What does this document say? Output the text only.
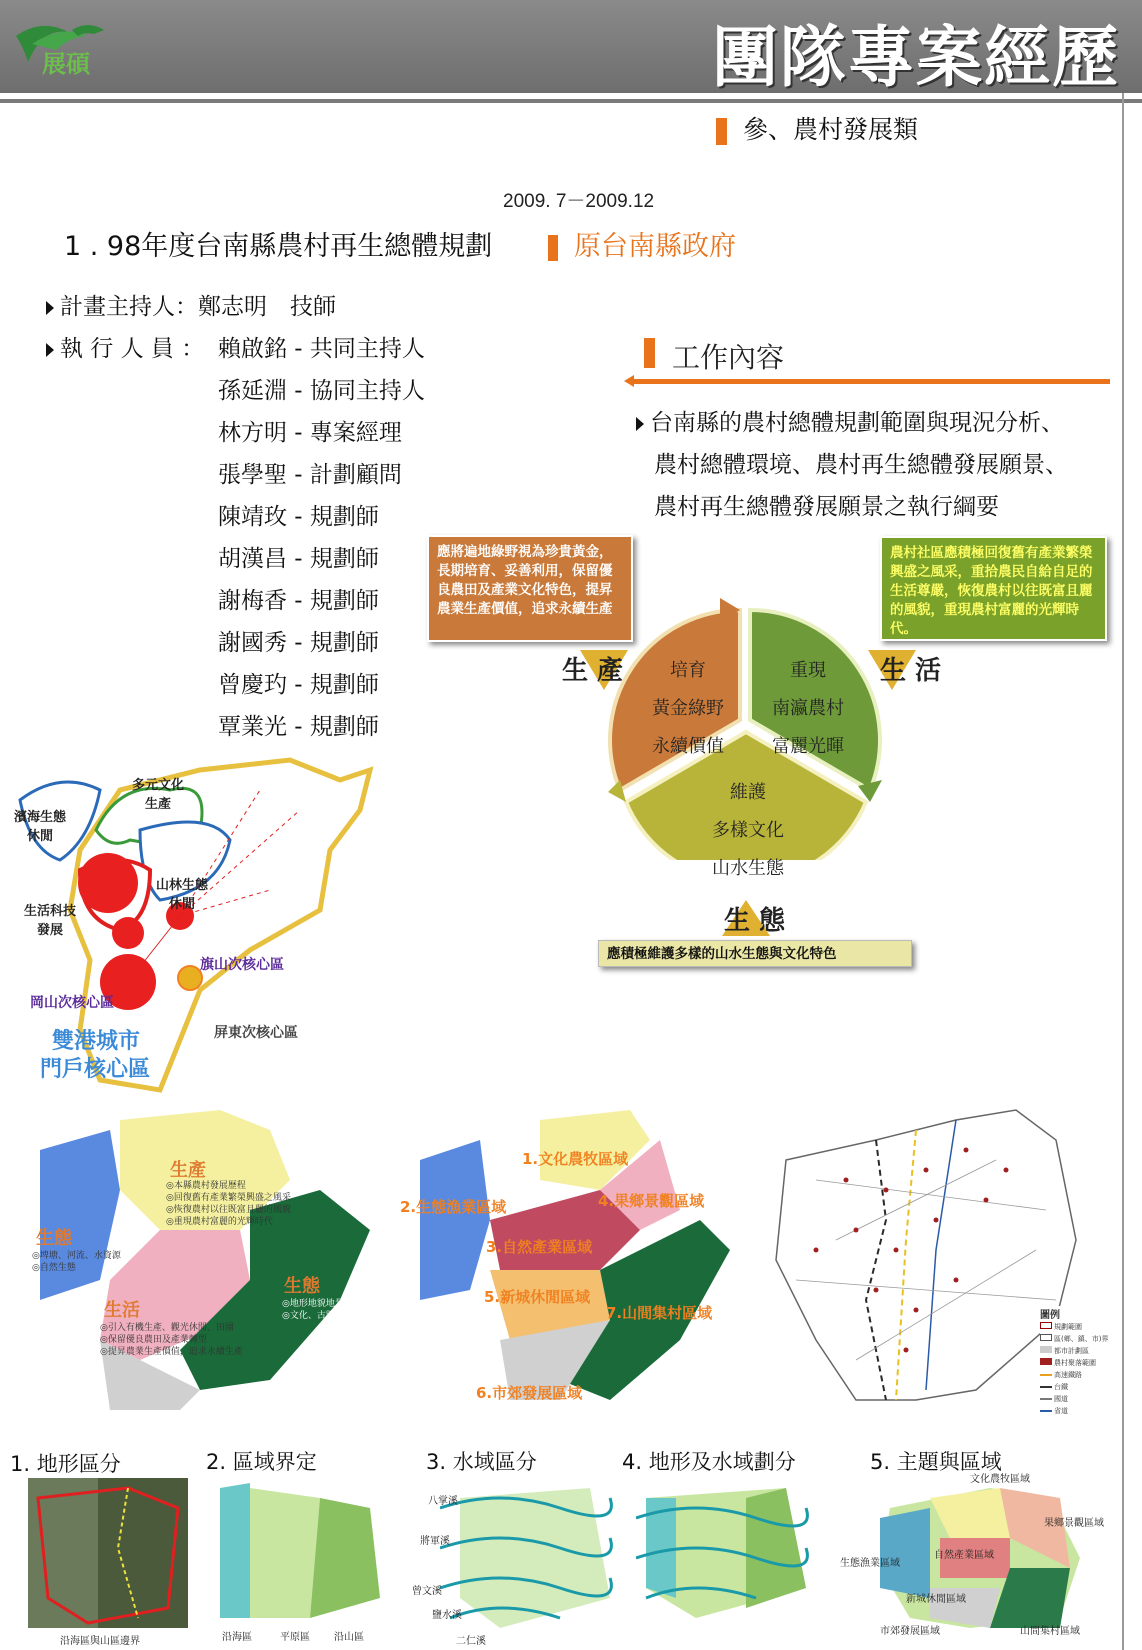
展碩	團隊專案經歷
參、農村發展類
2009. 7－2009.12
1 . 98年度台南縣農村再生總體規劃	原台南縣政府
計畫主持人：鄭志明　技師
執 行 人 員 ： 賴啟銘 - 共同主持人
孫延淵 - 協同主持人
林方明 - 專案經理
張學聖 - 計劃顧問
陳靖玫 - 規劃師
胡漢昌 - 規劃師
謝梅香 - 規劃師
謝國秀 - 規劃師
曾慶玓 - 規劃師
覃業光 - 規劃師
工作內容
台南縣的農村總體規劃範圍與現況分析、
農村總體環境、農村再生總體發展願景、
農村再生總體發展願景之執行綱要
應將遍地綠野視為珍貴黃金，長期培育、妥善利用，保留優良農田及產業文化特色，提昇農業生產價值，追求永續生產
農村社區應積極回復舊有產業繁榮興盛之風采，重拾農民自給自足的生活尊嚴，恢復農村以往既富且麗的風貌，重現農村富麗的光輝時代。
應積極維護多樣的山水生態與文化特色
生 產	生 活
生 態
培育
黃金綠野
永續價值
重現
南瀛農村
富麗光暉
維護
多樣文化
山水生態
多元文化生產
濱海生態休閒
山林生態休閒
生活科技發展
旗山次核心區
岡山次核心區
屏東次核心區
雙港城市
門戶核心區
生產
◎本縣農村發展歷程
◎回復舊有產業繁榮興盛之風采
◎恢復農村以往既富且麗的風貌
◎重現農村富麗的光輝時代
生態
◎埤塘、河流、水資源
◎自然生態
生態
◎地形地貌地景
◎文化、古蹟
生活
◎引入有機生產、觀光休閒、田園
◎保留優良農田及產業轉型
◎提昇農業生產價值，追求永續生產
1.文化農牧區域
2.生態漁業區域
3.自然產業區域
4.果鄉景觀區域
5.新城休閒區域
6.市郊發展區域
7.山間集村區域	圖例
規劃範圍
區(鄉、鎮、市)界
都市計劃區
農村聚落範圍
高速鐵路
台鐵
國道
省道
1. 地形區分	2. 區域界定	3. 水域區分	4. 地形及水域劃分	5. 主題與區域
沿海區與山區邊界	沿海區	平原區 沿山區
八掌溪
將軍溪
曾文溪
鹽水溪
二仁溪
文化農牧區域
果鄉景觀區域
生態漁業區域
自然產業區域
新城休閒區域
市郊發展區域	山間集村區域
